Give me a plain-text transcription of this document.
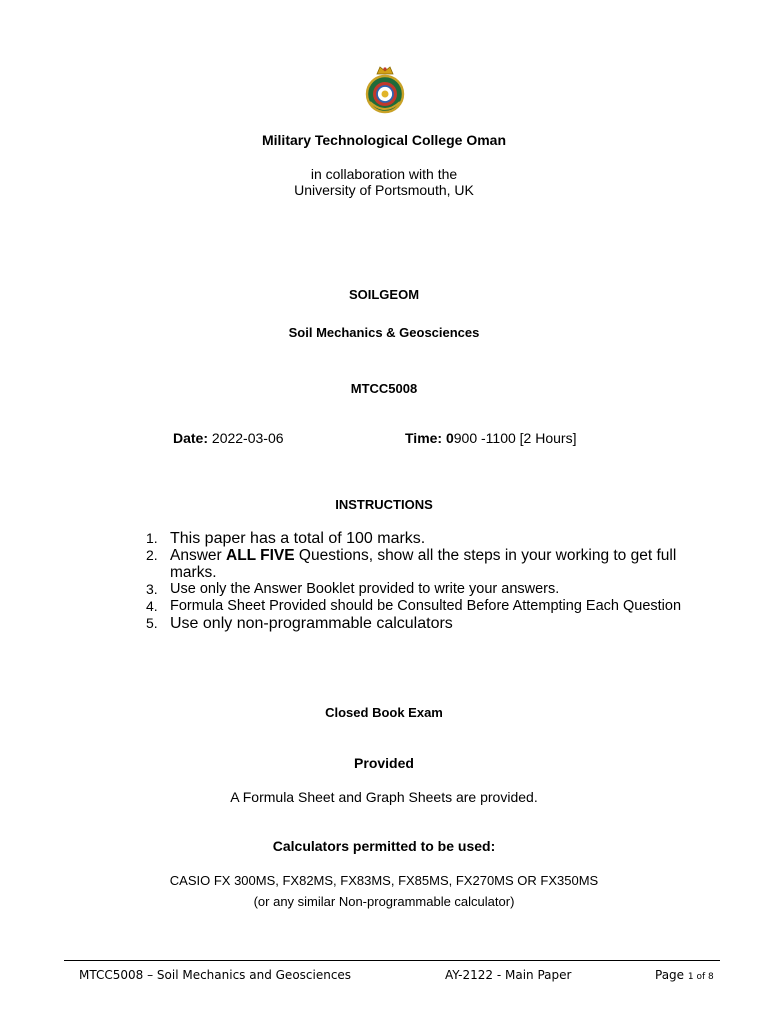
Military Technological College Oman
in collaboration with the
University of Portsmouth, UK
SOILGEOM
Soil Mechanics & Geosciences
MTCC5008
Date: 2022-03-06	Time: 0900 -1100 [2 Hours]
INSTRUCTIONS
1. This paper has a total of 100 marks.
2. Answer ALL FIVE Questions, show all the steps in your working to get full marks.
3. Use only the Answer Booklet provided to write your answers.
4. Formula Sheet Provided should be Consulted Before Attempting Each Question
5. Use only non-programmable calculators
Closed Book Exam
Provided
A Formula Sheet and Graph Sheets are provided.
Calculators permitted to be used:
CASIO FX 300MS, FX82MS, FX83MS, FX85MS, FX270MS OR FX350MS
(or any similar Non-programmable calculator)
MTCC5008 – Soil Mechanics and Geosciences	AY-2122 - Main Paper	Page 1 of 8
